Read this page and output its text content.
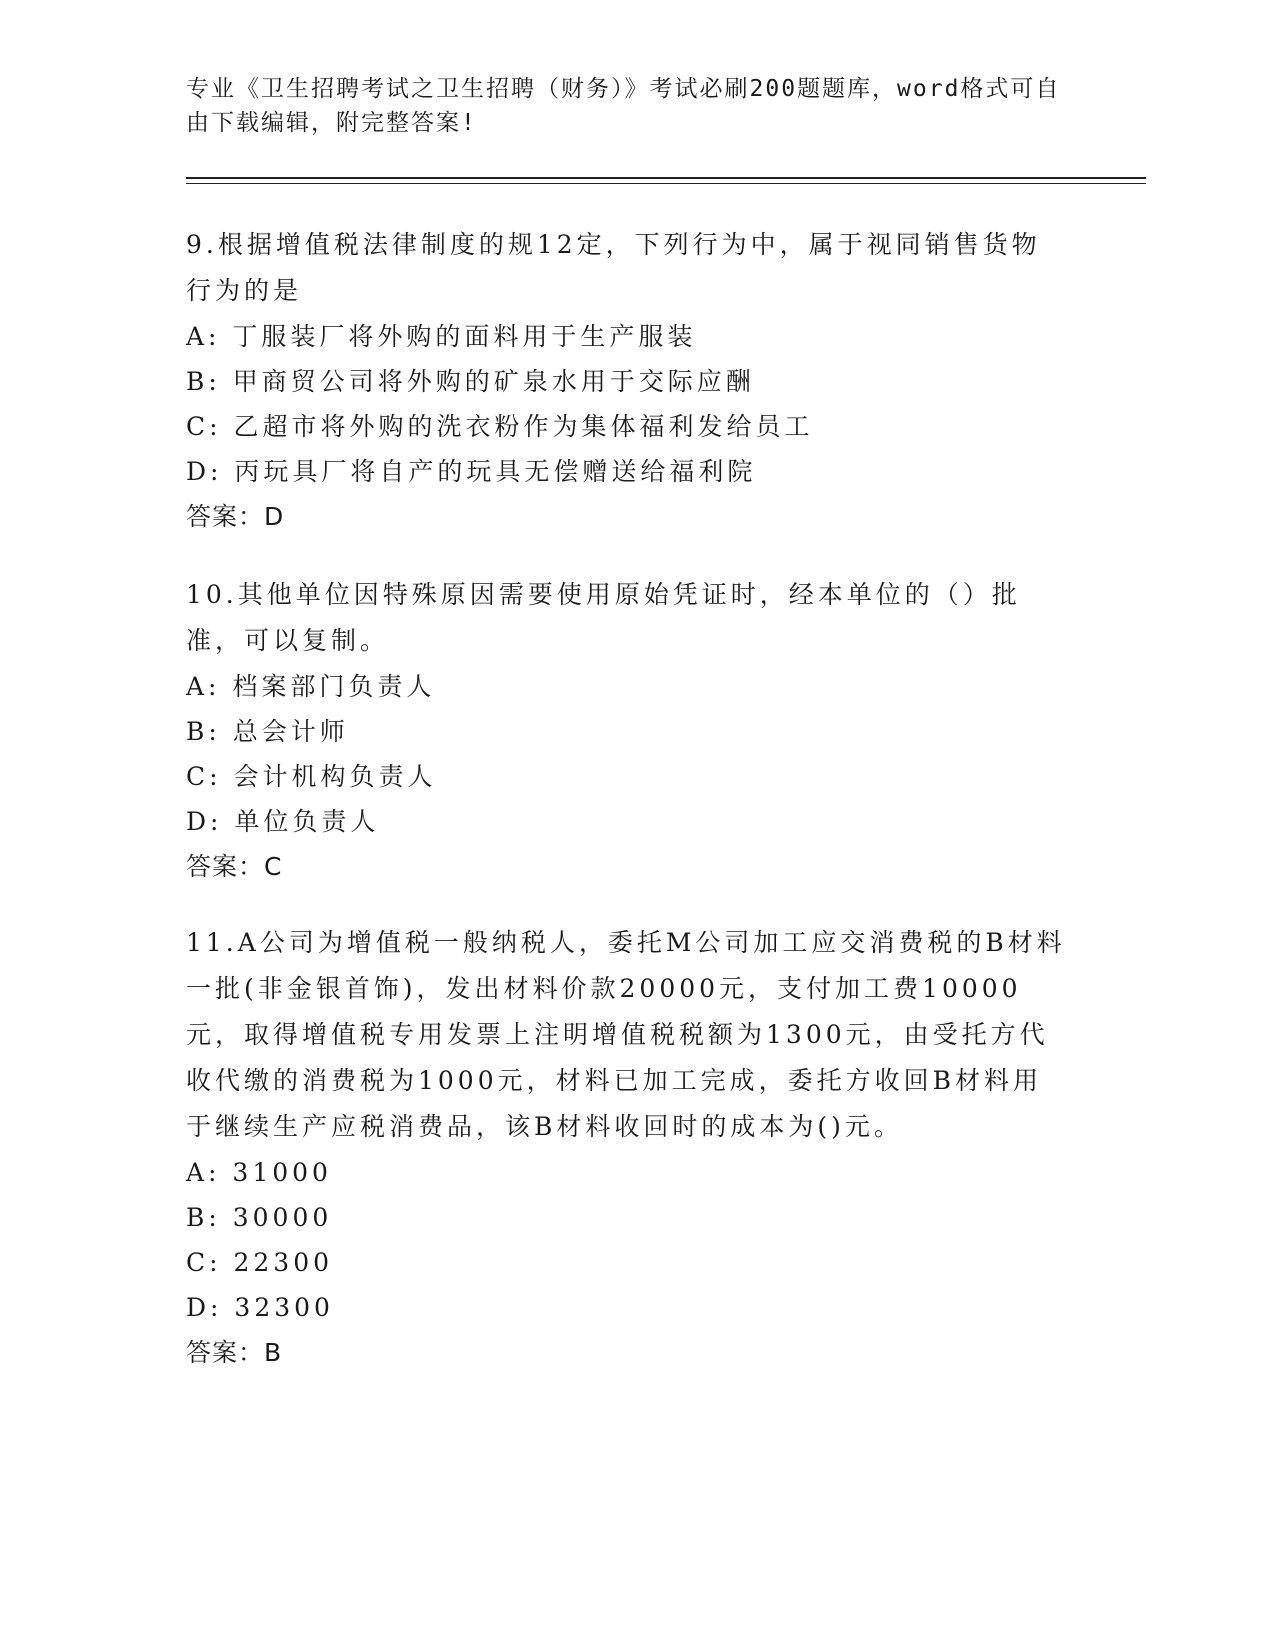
专业《卫生招聘考试之卫生招聘（财务）》考试必刷200题题库，word格式可自由下载编辑，附完整答案!

9.根据增值税法律制度的规12定，下列行为中，属于视同销售货物行为的是

A: 丁服装厂将外购的面料用于生产服装

B: 甲商贸公司将外购的矿泉水用于交际应酬

C: 乙超市将外购的洗衣粉作为集体福利发给员工

D: 丙玩具厂将自产的玩具无偿赠送给福利院

答案：D

10.其他单位因特殊原因需要使用原始凭证时，经本单位的（）批准，可以复制。

A: 档案部门负责人

B: 总会计师

C: 会计机构负责人

D: 单位负责人

答案：C

11.A公司为增值税一般纳税人，委托M公司加工应交消费税的B材料一批(非金银首饰)，发出材料价款20000元，支付加工费10000元，取得增值税专用发票上注明增值税税额为1300元，由受托方代收代缴的消费税为1000元，材料已加工完成，委托方收回B材料用于继续生产应税消费品，该B材料收回时的成本为()元。

A: 31000

B: 30000

C: 22300

D: 32300

答案：B
